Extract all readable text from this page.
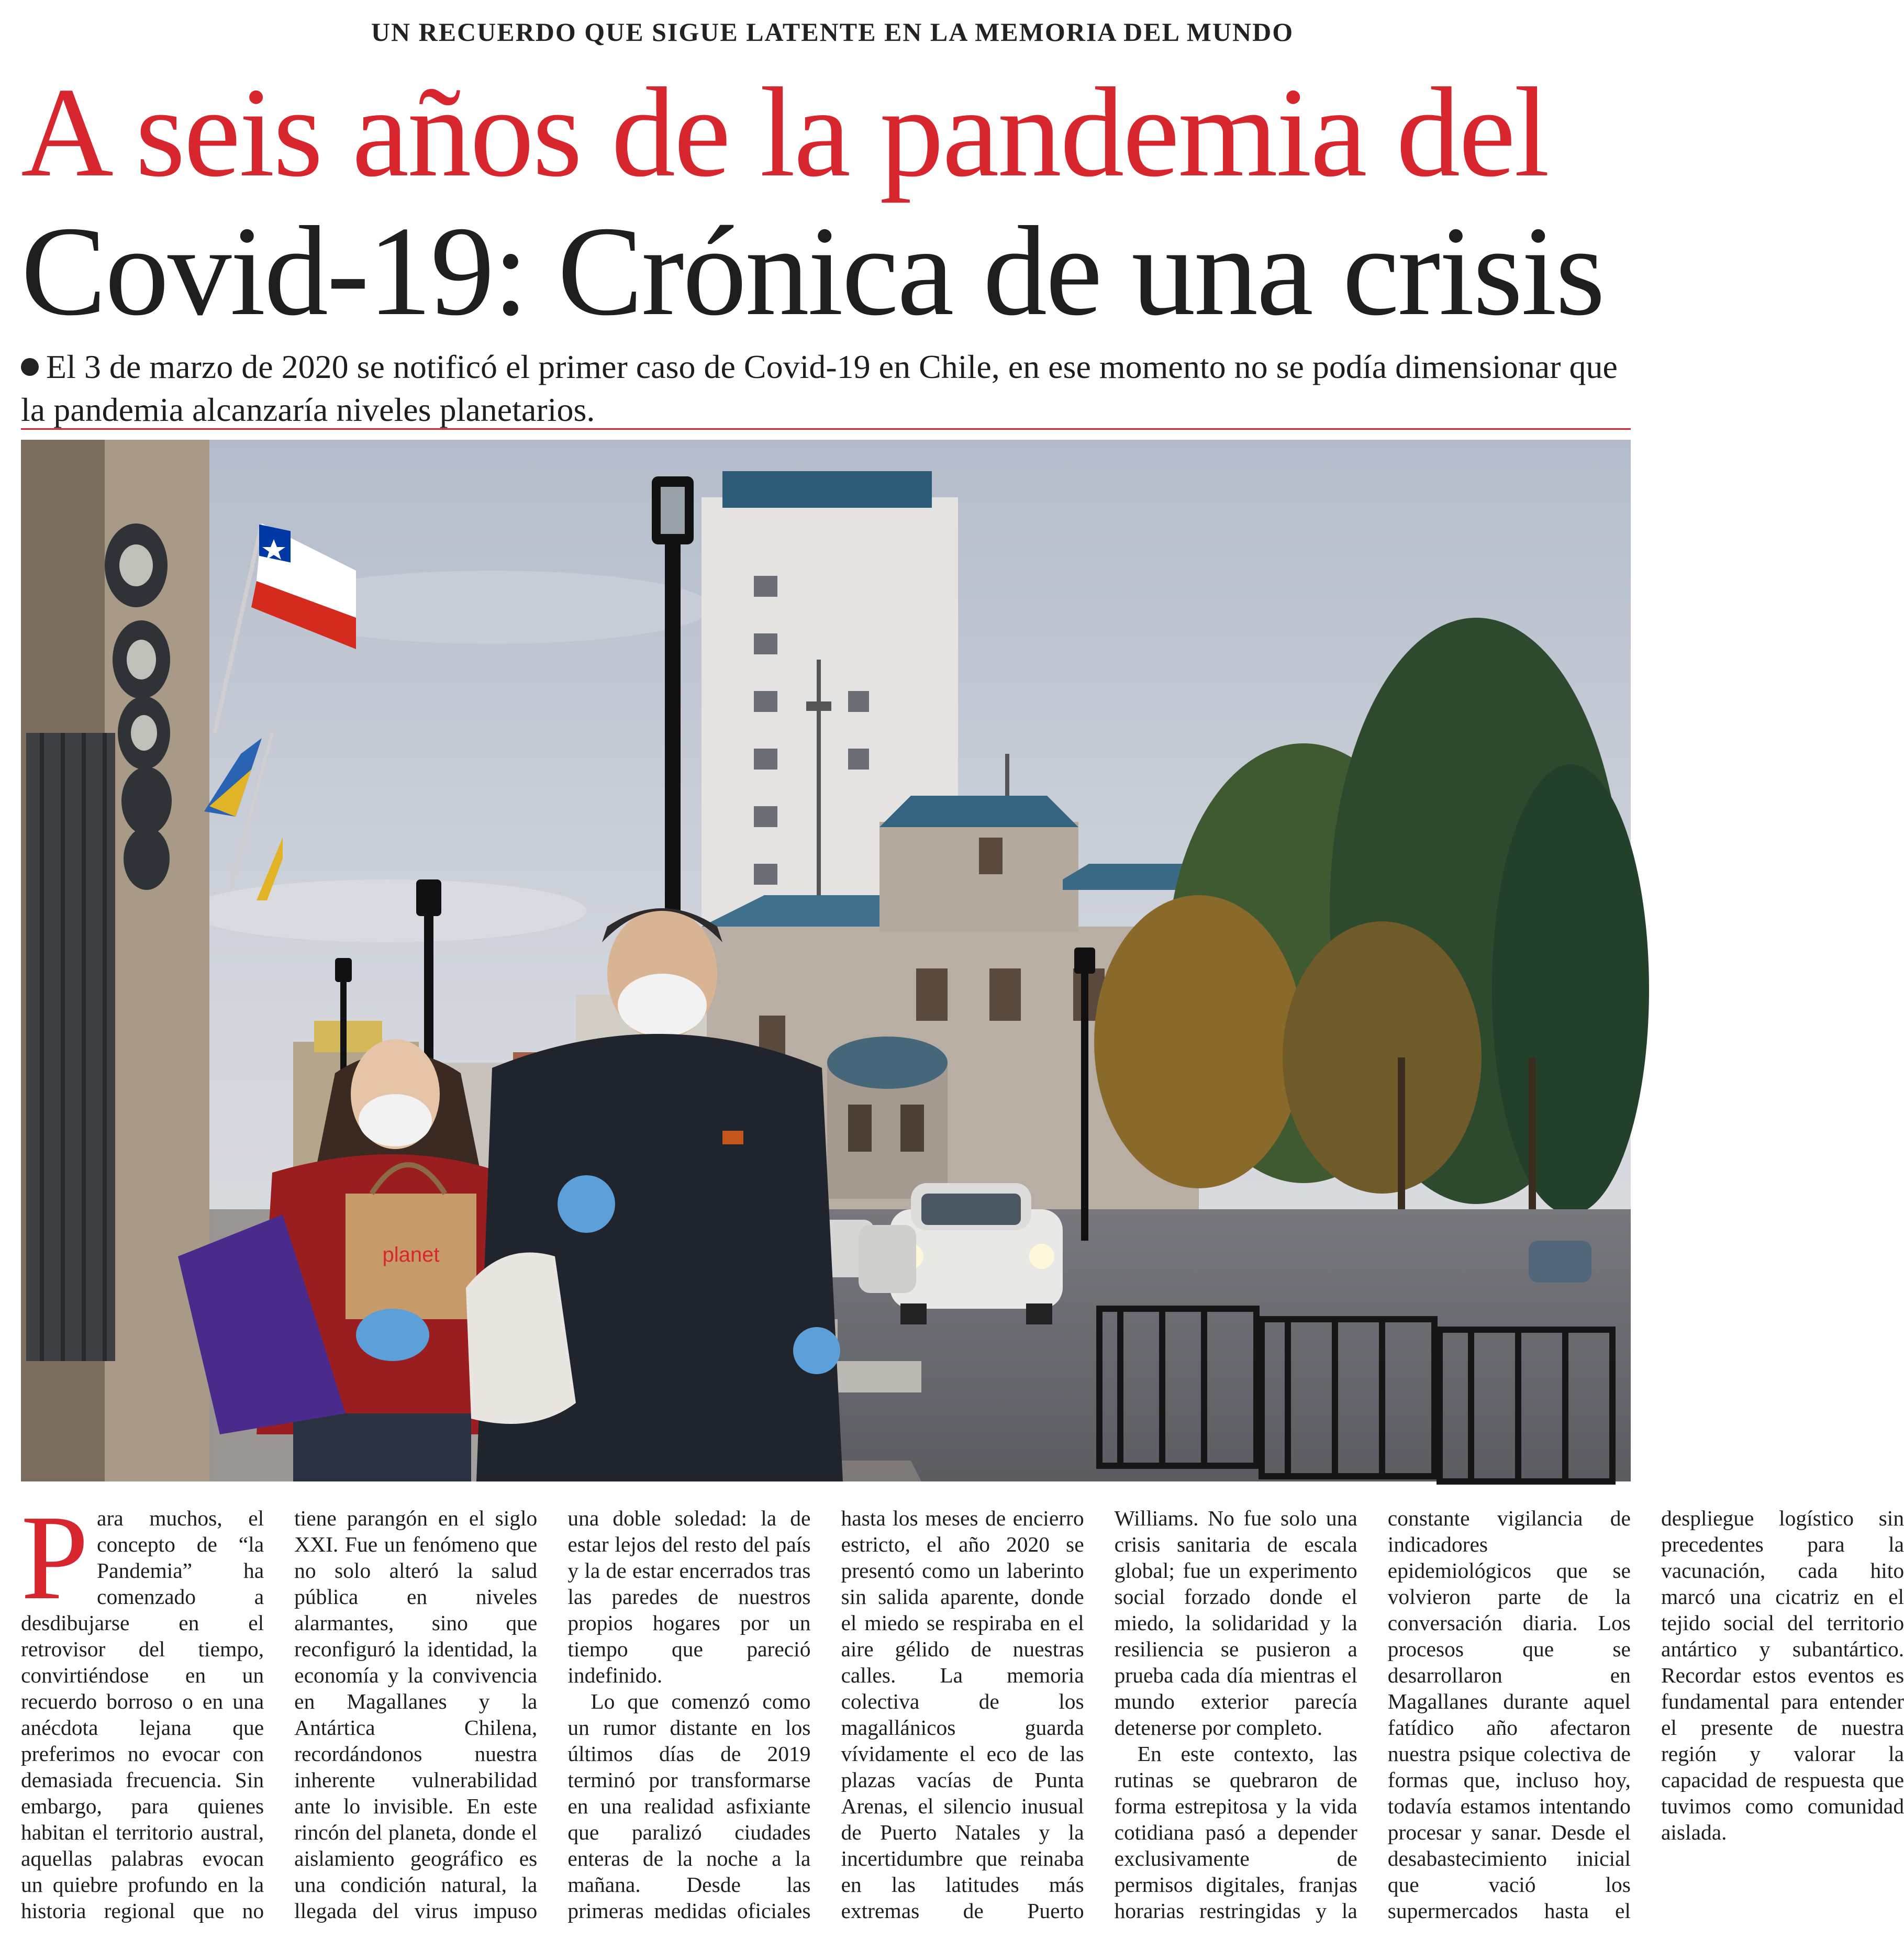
UN RECUERDO QUE SIGUE LATENTE EN LA MEMORIA DEL MUNDO
A seis años de la pandemia del
Covid-19: Crónica de una crisis
El 3 de marzo de 2020 se notificó el primer caso de Covid-19 en Chile, en ese momento no se podía dimensionar que la pandemia alcanzaría niveles planetarios.
planet

Para muchos, el concepto de “la Pandemia” ha comenzado a desdibujarse en el retrovisor del tiempo, convirtiéndose en un recuerdo borroso o en una anécdota lejana que preferimos no evocar con demasiada frecuencia. Sin embargo, para quienes habitan el territorio austral, aquellas palabras evocan un quiebre profundo en la historia regional que no tiene parangón en el siglo XXI. Fue un fenómeno que no solo alteró la salud pública en niveles alarmantes, sino que reconfiguró la identidad, la economía y la convivencia en Magallanes y la Antártica Chilena, recordándonos nuestra inherente vulnerabilidad ante lo invisible. En este rincón del planeta, donde el aislamiento geográfico es una condición natural, la llegada del virus impuso una doble soledad: la de estar lejos del resto del país y la de estar encerrados tras las paredes de nuestros propios hogares por un tiempo que pareció indefinido.

Lo que comenzó como un rumor distante en los últimos días de 2019 terminó por transformarse en una realidad asfixiante que paralizó ciudades enteras de la noche a la mañana. Desde las primeras medidas oficiales hasta los meses de encierro estricto, el año 2020 se presentó como un laberinto sin salida aparente, donde el miedo se respiraba en el aire gélido de nuestras calles. La memoria colectiva de los magallánicos guarda vívidamente el eco de las plazas vacías de Punta Arenas, el silencio inusual de Puerto Natales y la incertidumbre que reinaba en las latitudes más extremas de Puerto Williams. No fue solo una crisis sanitaria de escala global; fue un experimento social forzado donde el miedo, la solidaridad y la resiliencia se pusieron a prueba cada día mientras el mundo exterior parecía detenerse por completo.

En este contexto, las rutinas se quebraron de forma estrepitosa y la vida cotidiana pasó a depender exclusivamente de permisos digitales, franjas horarias restringidas y la constante vigilancia de indicadores epidemiológicos que se volvieron parte de la conversación diaria. Los procesos que se desarrollaron en Magallanes durante aquel fatídico año afectaron nuestra psique colectiva de formas que, incluso hoy, todavía estamos intentando procesar y sanar. Desde el desabastecimiento inicial que vació los supermercados hasta el despliegue logístico sin precedentes para la vacunación, cada hito marcó una cicatriz en el tejido social del territorio antártico y subantártico. Recordar estos eventos es fundamental para entender el presente de nuestra región y valorar la capacidad de respuesta que tuvimos como comunidad aislada.
